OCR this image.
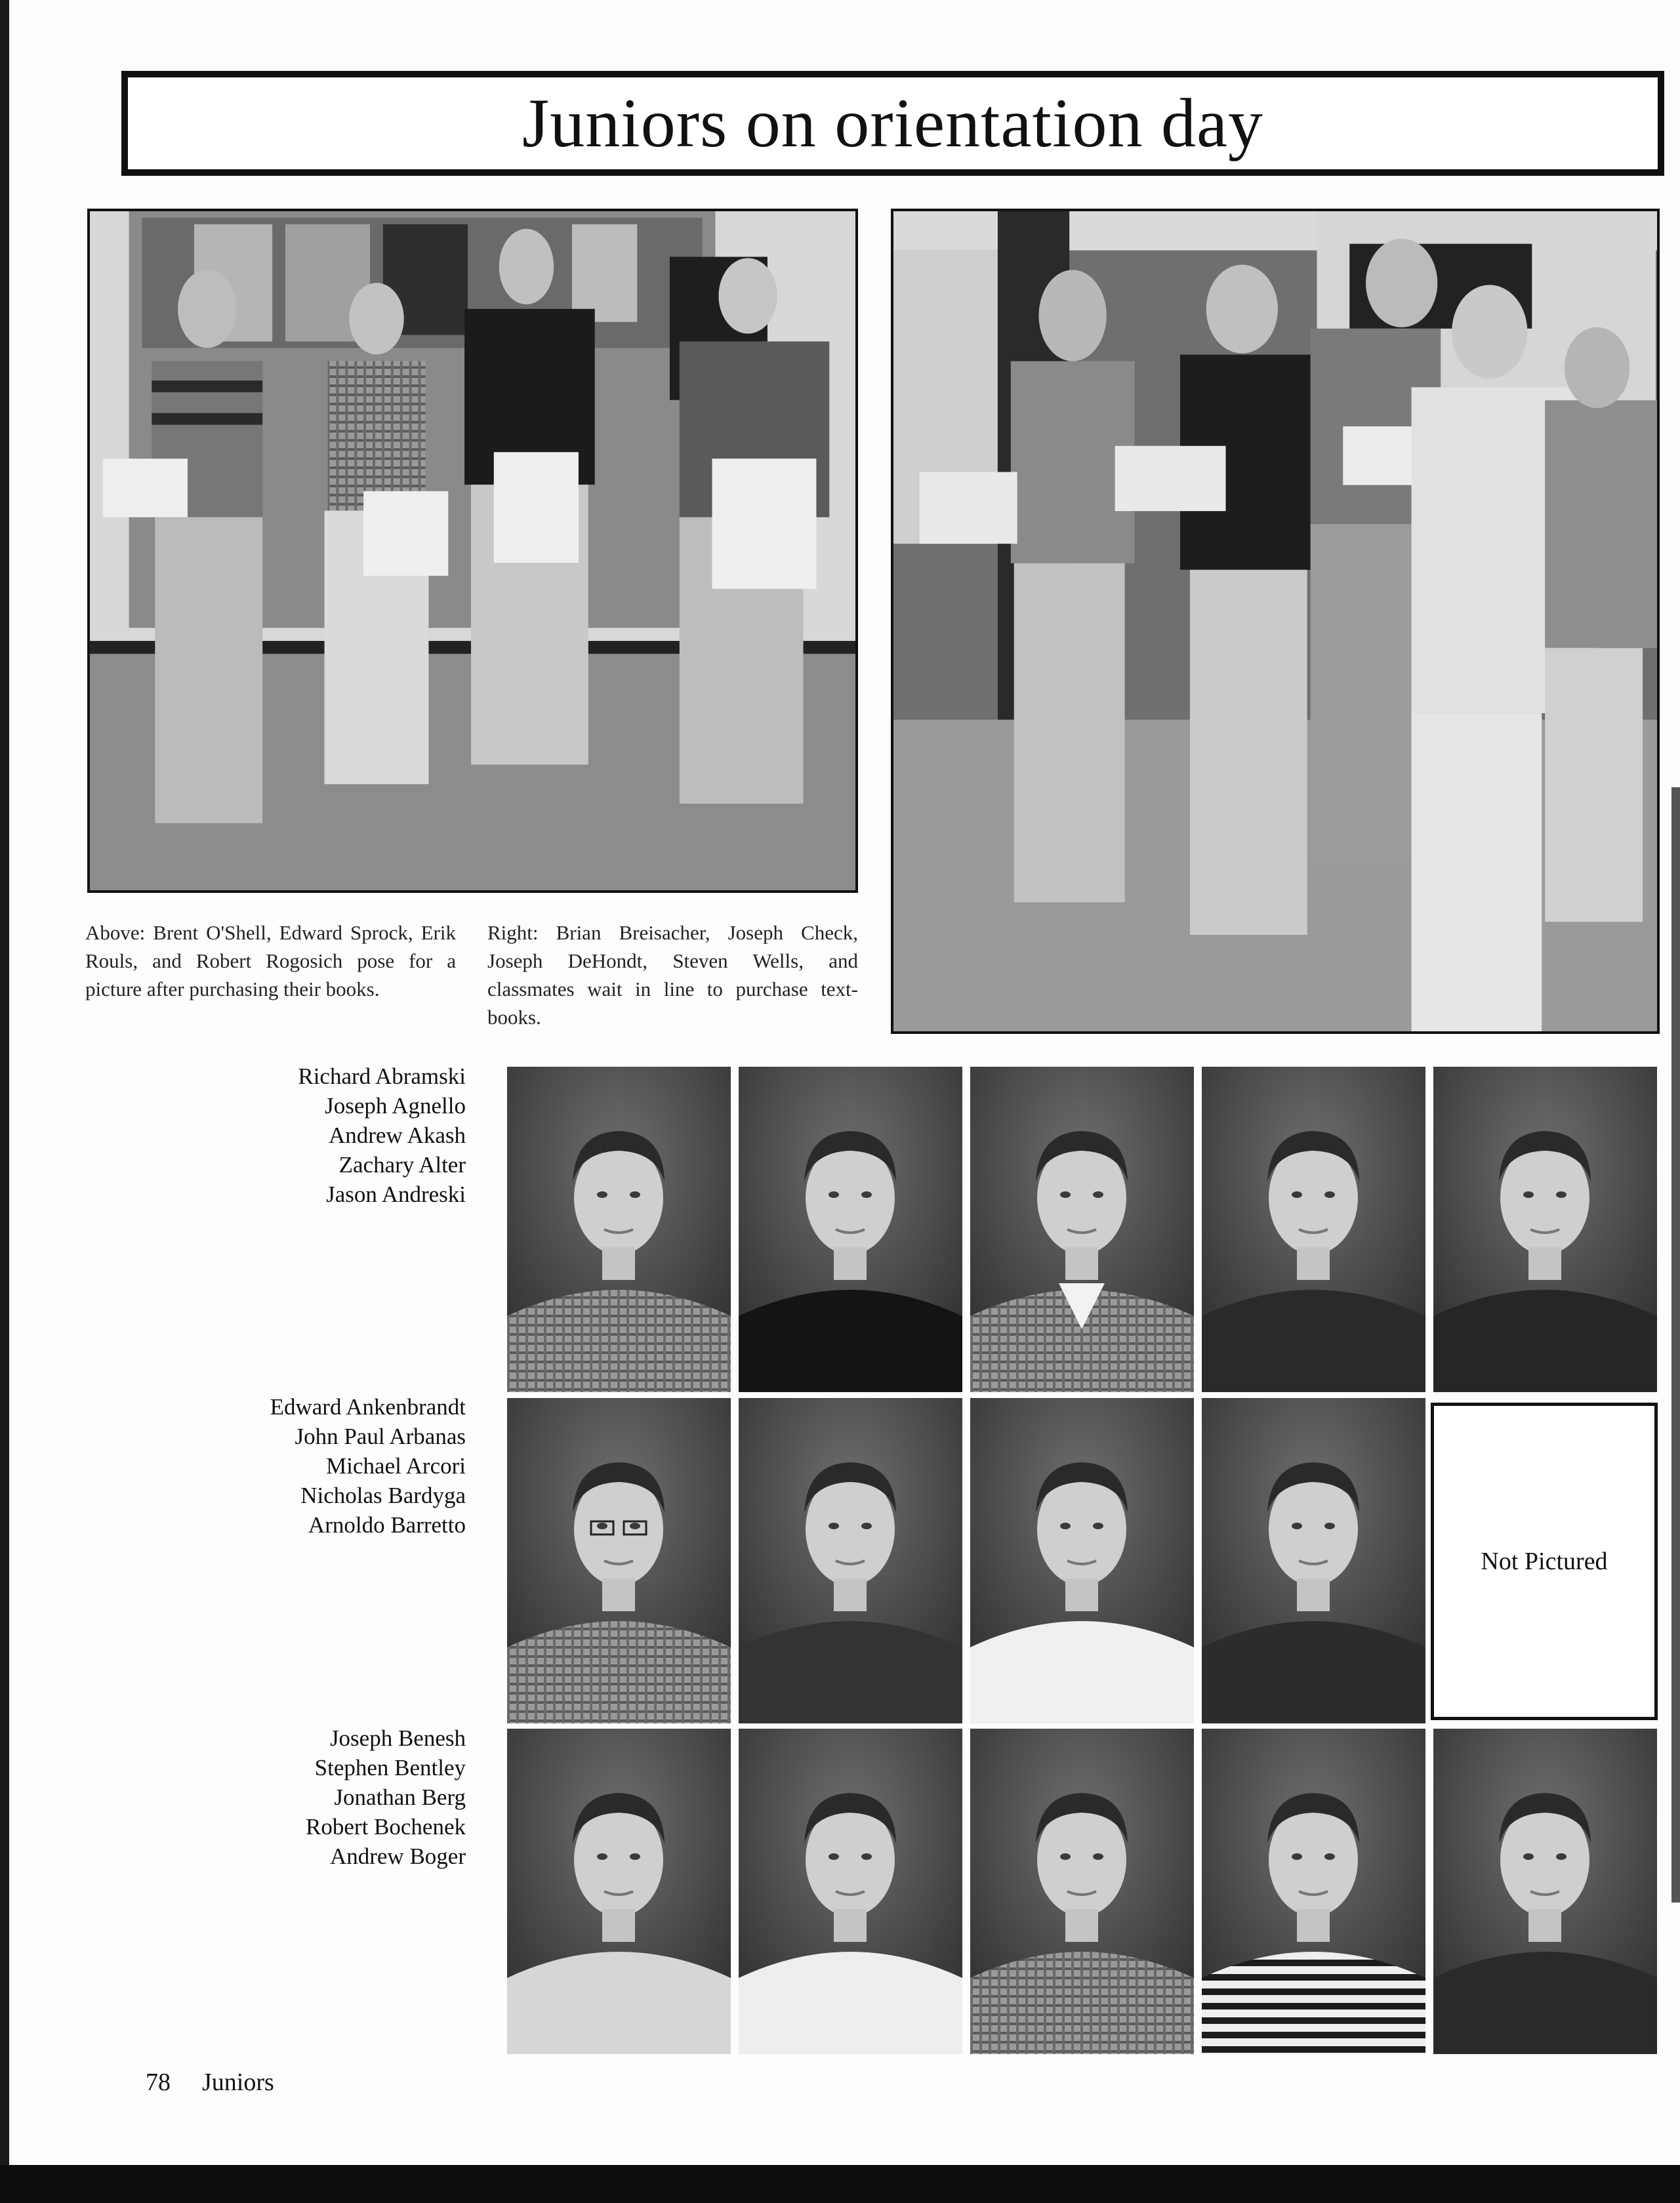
Juniors on orientation day
Above: Brent O'Shell, Edward Sprock, Erik Rouls, and Robert Rogosich pose for a picture after purchasing their books.
Right: Brian Breisacher, Joseph Check, Joseph DeHondt, Steven Wells, and classmates wait in line to purchase text-books.
Richard Abramski
Joseph Agnello
Andrew Akash
Zachary Alter
Jason Andreski
Edward Ankenbrandt
John Paul Arbanas
Michael Arcori
Nicholas Bardyga
Arnoldo Barretto
Joseph Benesh
Stephen Bentley
Jonathan Berg
Robert Bochenek
Andrew Boger
Not Pictured
78 Juniors
